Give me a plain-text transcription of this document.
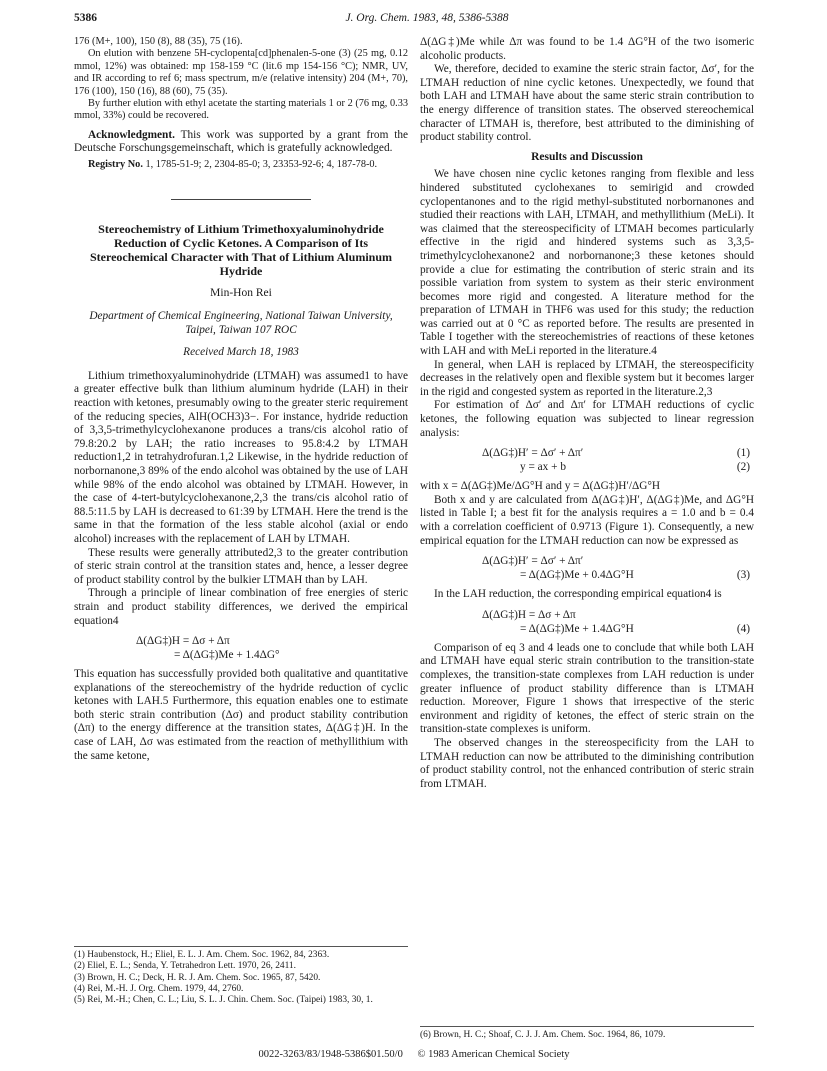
5386	J. Org. Chem. 1983, 48, 5386-5388

176 (M+, 100), 150 (8), 88 (35), 75 (16).

On elution with benzene 5H-cyclopenta[cd]phenalen-5-one (3) (25 mg, 0.12 mmol, 12%) was obtained: mp 158-159 °C (lit.6 mp 154-156 °C); NMR, UV, and IR according to ref 6; mass spectrum, m/e (relative intensity) 204 (M+, 70), 176 (100), 150 (16), 88 (60), 75 (35).

By further elution with ethyl acetate the starting materials 1 or 2 (76 mg, 0.33 mmol, 33%) could be recovered.

Acknowledgment. This work was supported by a grant from the Deutsche Forschungsgemeinschaft, which is gratefully acknowledged.

Registry No. 1, 1785-51-9; 2, 2304-85-0; 3, 23353-92-6; 4, 187-78-0.

Stereochemistry of Lithium Trimethoxyaluminohydride Reduction of Cyclic Ketones. A Comparison of Its Stereochemical Character with That of Lithium Aluminum Hydride
Min-Hon Rei
Department of Chemical Engineering, National Taiwan University, Taipei, Taiwan 107 ROC
Received March 18, 1983

Lithium trimethoxyaluminohydride (LTMAH) was assumed1 to have a greater effective bulk than lithium aluminum hydride (LAH) in their reaction with ketones, presumably owing to the greater steric requirement of the reducing species, AlH(OCH3)3−. For instance, hydride reduction of 3,3,5-trimethylcyclohexanone produces a trans/cis alcohol ratio of 79.8:20.2 by LAH; the ratio increases to 95.8:4.2 by LTMAH reduction1,2 in tetrahydrofuran.1,2 Likewise, in the hydride reduction of norbornanone,3 89% of the endo alcohol was obtained by the use of LAH while 98% of the endo alcohol was obtained by LTMAH. However, in the case of 4-tert-butylcyclohexanone,2,3 the trans/cis alcohol ratio of 88.5:11.5 by LAH is decreased to 61:39 by LTMAH. Here the trend is the same in that the formation of the less stable alcohol (axial or endo alcohol) increases with the replacement of LAH by LTMAH.

These results were generally attributed2,3 to the greater contribution of steric strain control at the transition states and, hence, a lesser degree of product stability control by the bulkier LTMAH than by LAH.

Through a principle of linear combination of free energies of steric strain and product stability differences, we derived the empirical equation4

Δ(ΔG‡)H = Δσ + Δπ
= Δ(ΔG‡)Me + 1.4ΔG°

This equation has successfully provided both qualitative and quantitative explanations of the stereochemistry of the hydride reduction of cyclic ketones with LAH.5 Furthermore, this equation enables one to estimate both steric strain contribution (Δσ) and product stability contribution (Δπ) to the energy difference at the transition states, Δ(ΔG‡)H. In the case of LAH, Δσ was estimated from the reaction of methyllithium with the same ketone,

Δ(ΔG‡)Me while Δπ was found to be 1.4 ΔG°H of the two isomeric alcoholic products.

We, therefore, decided to examine the steric strain factor, Δσ′, for the LTMAH reduction of nine cyclic ketones. Unexpectedly, we found that both LAH and LTMAH have about the same steric strain contribution to the energy difference of transition states. The observed stereochemical character of LTMAH is, therefore, best attributed to the diminishing of product stability control.

Results and Discussion

We have chosen nine cyclic ketones ranging from flexible and less hindered substituted cyclohexanes to semirigid and crowded cyclopentanones and to the rigid methyl-substituted norbornanones and studied their reactions with LAH, LTMAH, and methyllithium (MeLi). It was claimed that the stereospecificity of LTMAH becomes particularly effective in the rigid and hindered systems such as 3,3,5-trimethylcyclohexanone2 and norbornanone;3 these ketones should provide a clue for estimating the contribution of steric strain and its possible variation from system to system as their steric environment becomes more rigid and congested. A literature method for the preparation of LTMAH in THF6 was used for this study; the reduction was carried out at 0 °C as reported before. The results are presented in Table I together with the stereochemistries of reactions of these ketones with LAH and with MeLi reported in the literature.4

In general, when LAH is replaced by LTMAH, the stereospecificity decreases in the relatively open and flexible system but it becomes larger in the rigid and congested system as reported in the literature.2,3

For estimation of Δσ′ and Δπ′ for LTMAH reductions of cyclic ketones, the following equation was subjected to linear regression analysis:

Δ(ΔG‡)H′ = Δσ′ + Δπ′	(1)
y = ax + b	(2)

with x = Δ(ΔG‡)Me/ΔG°H and y = Δ(ΔG‡)H′/ΔG°H

Both x and y are calculated from Δ(ΔG‡)H′, Δ(ΔG‡)Me, and ΔG°H listed in Table I; a best fit for the analysis requires a = 1.0 and b = 0.4 with a correlation coefficient of 0.9713 (Figure 1). Consequently, a new empirical equation for the LTMAH reduction can now be expressed as

Δ(ΔG‡)H′ = Δσ′ + Δπ′
= Δ(ΔG‡)Me + 0.4ΔG°H	(3)

In the LAH reduction, the corresponding empirical equation4 is

Δ(ΔG‡)H = Δσ + Δπ
= Δ(ΔG‡)Me + 1.4ΔG°H	(4)

Comparison of eq 3 and 4 leads one to conclude that while both LAH and LTMAH have equal steric strain contribution to the transition-state complexes, the transition-state complexes from LAH reduction is under greater influence of product stability difference than is LTMAH reduction. Moreover, Figure 1 shows that irrespective of the steric environment and rigidity of ketones, the effect of steric strain on the transition-state complexes is uniform.

The observed changes in the stereospecificity from the LAH to LTMAH reduction can now be attributed to the diminishing contribution of product stability control, not the enhanced contribution of steric strain from LTMAH.

(1) Haubenstock, H.; Eliel, E. L. J. Am. Chem. Soc. 1962, 84, 2363.
(2) Eliel, E. L.; Senda, Y. Tetrahedron Lett. 1970, 26, 2411.
(3) Brown, H. C.; Deck, H. R. J. Am. Chem. Soc. 1965, 87, 5420.
(4) Rei, M.-H. J. Org. Chem. 1979, 44, 2760.
(5) Rei, M.-H.; Chen, C. L.; Liu, S. L. J. Chin. Chem. Soc. (Taipei) 1983, 30, 1.
(6) Brown, H. C.; Shoaf, C. J. J. Am. Chem. Soc. 1964, 86, 1079.
0022-3263/83/1948-5386$01.50/0 © 1983 American Chemical Society
